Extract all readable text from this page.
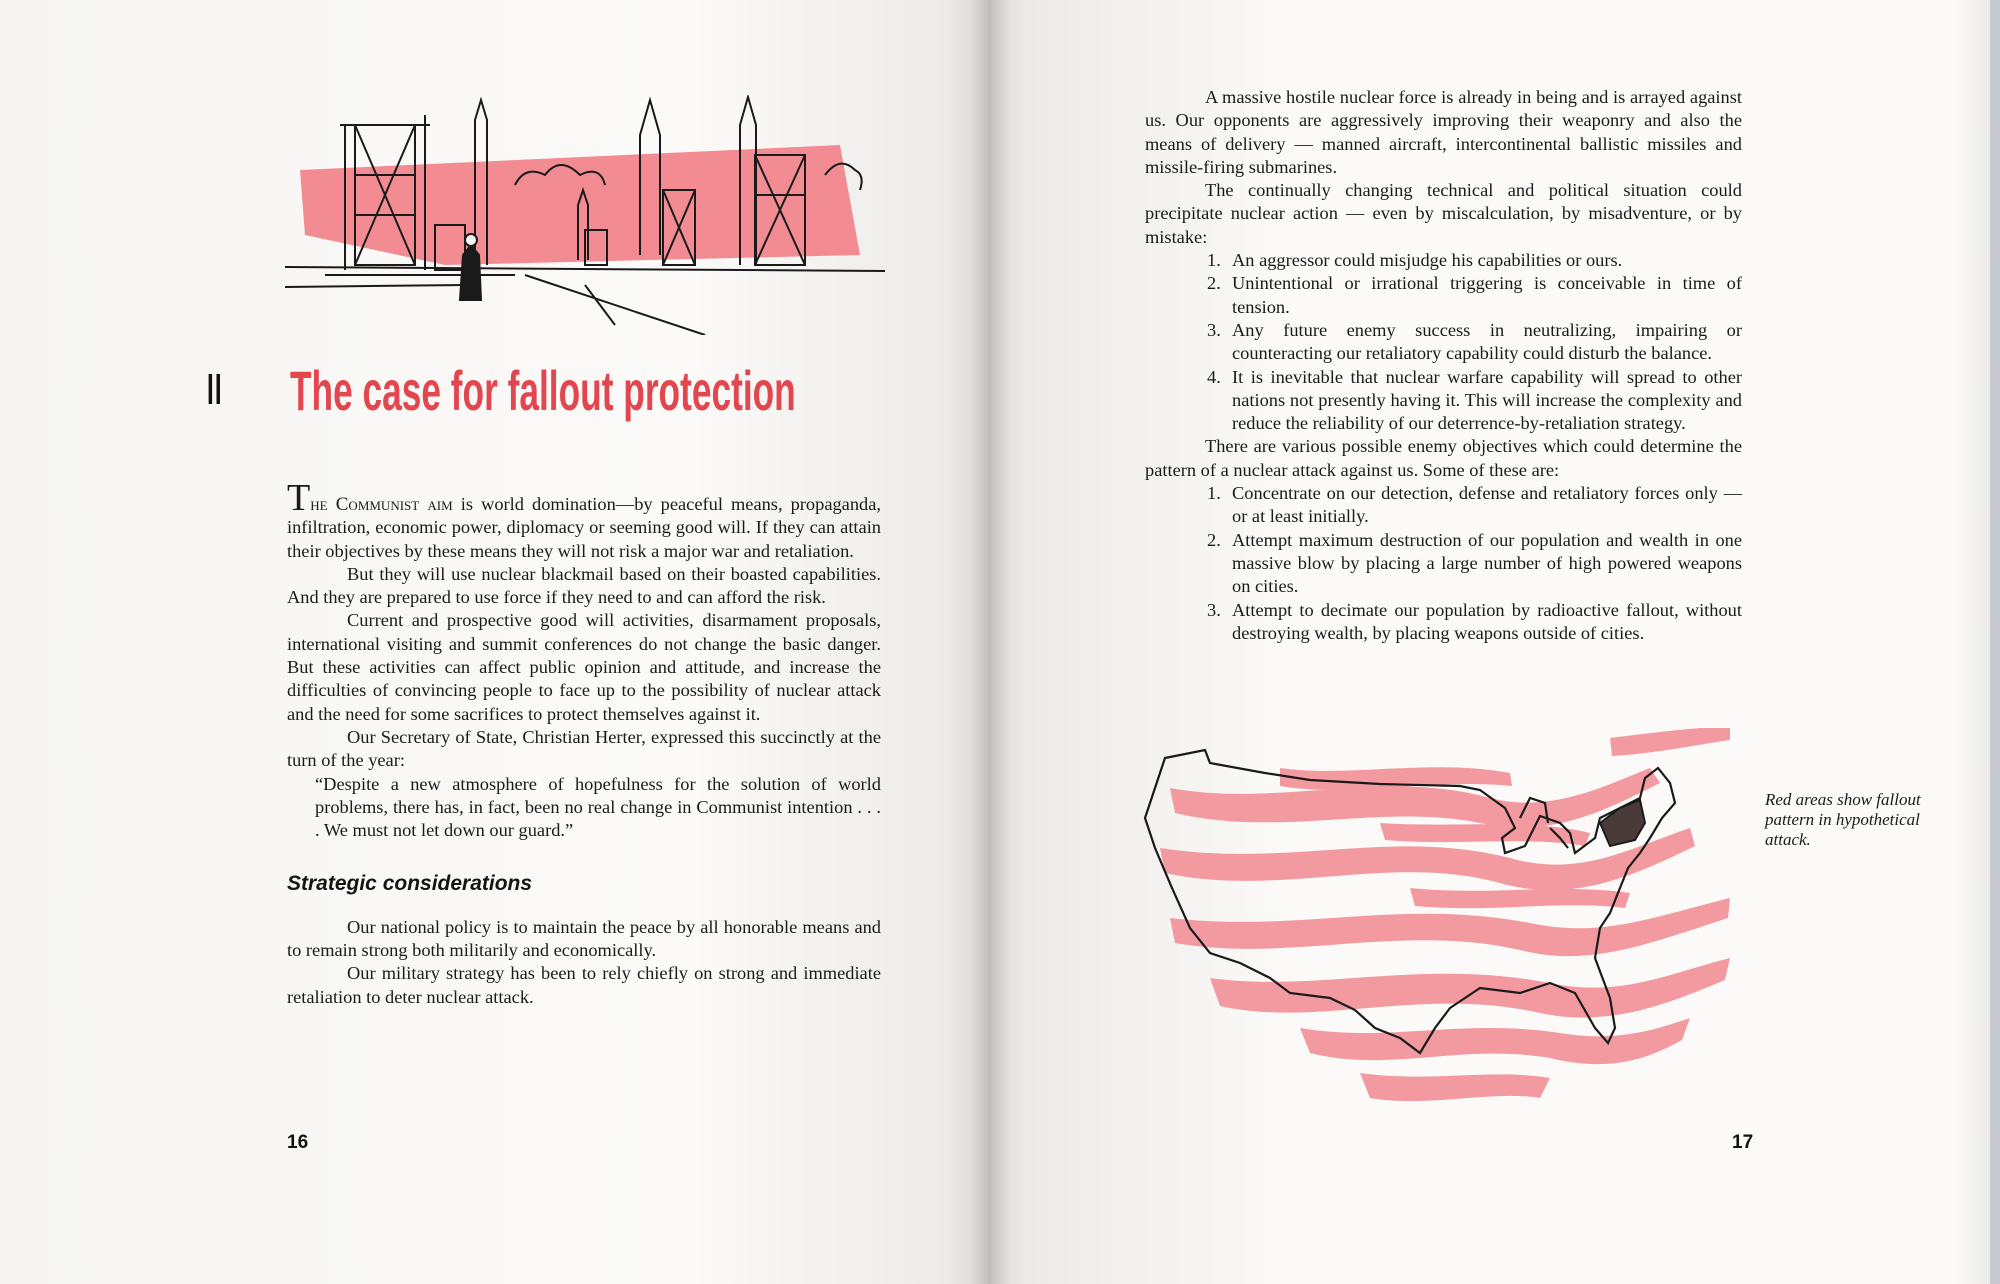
II The case for fallout protection

The Communist aim is world domination—by peaceful means, propaganda, infiltration, economic power, diplomacy or seeming good will. If they can attain their objectives by these means they will not risk a major war and retaliation.

But they will use nuclear blackmail based on their boasted capabilities. And they are prepared to use force if they need to and can afford the risk.

Current and prospective good will activities, disarmament proposals, international visiting and summit conferences do not change the basic danger. But these activities can affect public opinion and attitude, and increase the difficulties of convincing people to face up to the possibility of nuclear attack and the need for some sacrifices to protect themselves against it.

Our Secretary of State, Christian Herter, expressed this succinctly at the turn of the year:

“Despite a new atmosphere of hopefulness for the solution of world problems, there has, in fact, been no real change in Communist intention . . . . We must not let down our guard.”

Strategic considerations

Our national policy is to maintain the peace by all honorable means and to remain strong both militarily and economically.

Our military strategy has been to rely chiefly on strong and immediate retaliation to deter nuclear attack.

16

A massive hostile nuclear force is already in being and is arrayed against us. Our opponents are aggressively improving their weaponry and also the means of delivery — manned aircraft, intercontinental ballistic missiles and missile-firing submarines.

The continually changing technical and political situation could precipitate nuclear action — even by miscalculation, by misadventure, or by mistake:

1. An aggressor could misjudge his capabilities or ours.
2. Unintentional or irrational triggering is conceivable in time of tension.
3. Any future enemy success in neutralizing, impairing or counteracting our retaliatory capability could disturb the balance.
4. It is inevitable that nuclear warfare capability will spread to other nations not presently having it. This will increase the complexity and reduce the reliability of our deterrence-by-retaliation strategy.

There are various possible enemy objectives which could determine the pattern of a nuclear attack against us. Some of these are:

1. Concentrate on our detection, defense and retaliatory forces only — or at least initially.
2. Attempt maximum destruction of our population and wealth in one massive blow by placing a large number of high powered weapons on cities.
3. Attempt to decimate our population by radioactive fallout, without destroying wealth, by placing weapons outside of cities.
Red areas show fallout pattern in hypothetical attack.
17
